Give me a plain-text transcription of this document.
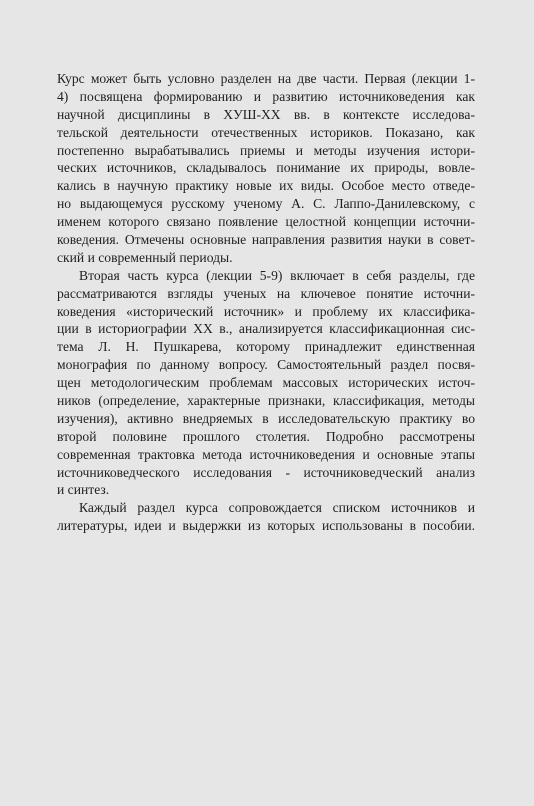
Курс может быть условно разделен на две части. Первая (лекции 1-
4) посвящена формированию и развитию источниковедения как
научной дисциплины в ХУШ-ХХ вв. в контексте исследова-
тельской деятельности отечественных историков. Показано, как
постепенно вырабатывались приемы и методы изучения истори-
ческих источников, складывалось понимание их природы, вовле-
кались в научную практику новые их виды. Особое место отведе-
но выдающемуся русскому ученому А. С. Лаппо-Данилевскому, с
именем которого связано появление целостной концепции источни-
коведения. Отмечены основные направления развития науки в совет-
ский и современный периоды.
Вторая часть курса (лекции 5-9) включает в себя разделы, где
рассматриваются взгляды ученых на ключевое понятие источни-
коведения «исторический источник» и проблему их классифика-
ции в историографии ХХ в., анализируется классификационная сис-
тема Л. Н. Пушкарева, которому принадлежит единственная
монография по данному вопросу. Самостоятельный раздел посвя-
щен методологическим проблемам массовых исторических источ-
ников (определение, характерные признаки, классификация, методы
изучения), активно внедряемых в исследовательскую практику во
второй половине прошлого столетия. Подробно рассмотрены
современная трактовка метода источниковедения и основные этапы
источниковедческого исследования - источниковедческий анализ
и синтез.
Каждый раздел курса сопровождается списком источников и
литературы, идеи и выдержки из которых использованы в пособии.
